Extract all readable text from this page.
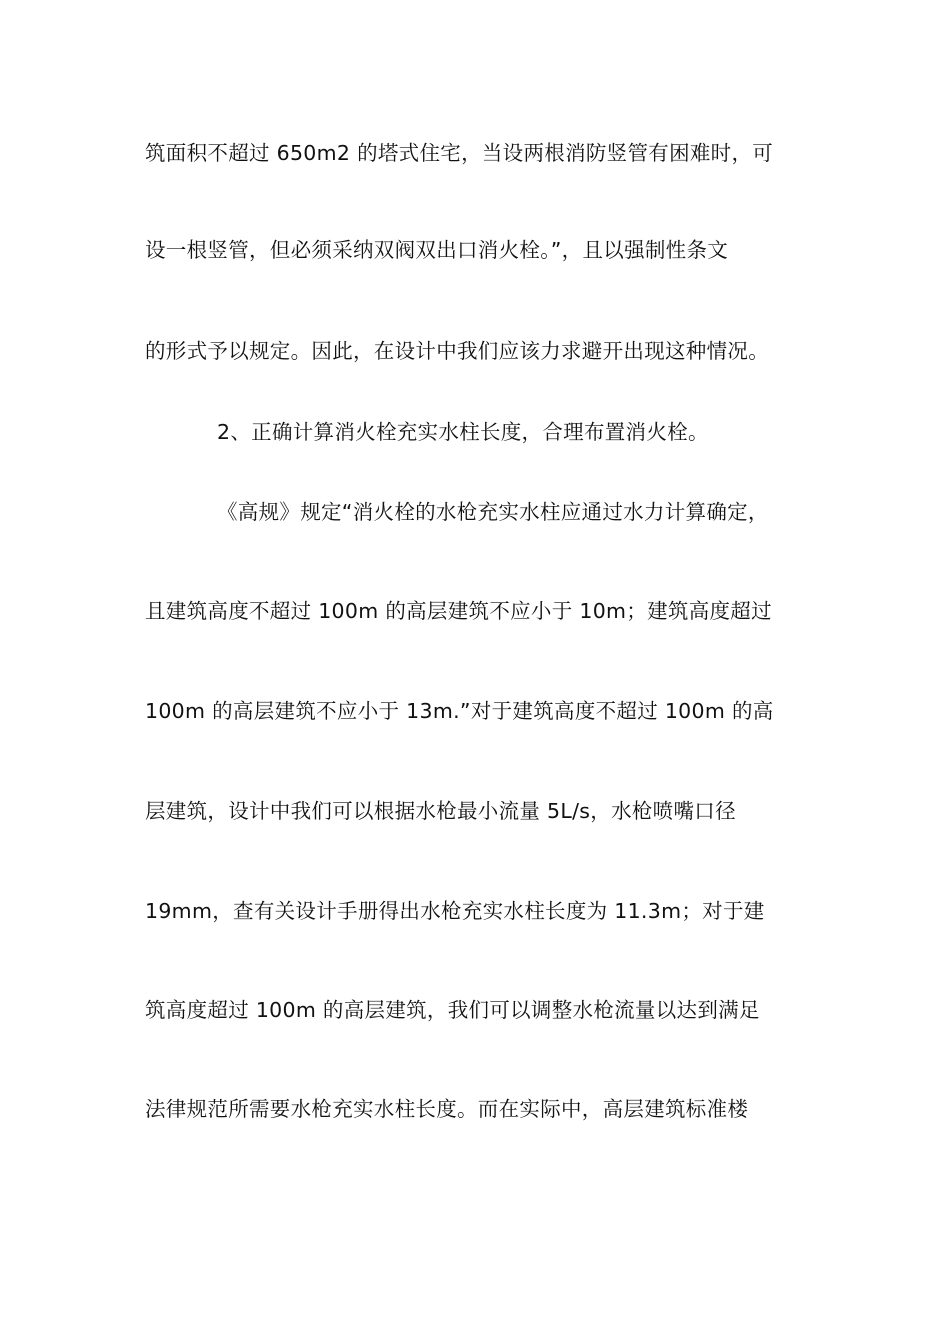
筑面积不超过 650m2 的塔式住宅，当设两根消防竖管有困难时，可
设一根竖管，但必须采纳双阀双出口消火栓。”，且以强制性条文
的形式予以规定。因此，在设计中我们应该力求避开出现这种情况。
2、正确计算消火栓充实水柱长度，合理布置消火栓。
《高规》规定“消火栓的水枪充实水柱应通过水力计算确定，
且建筑高度不超过 100m 的高层建筑不应小于 10m；建筑高度超过
100m 的高层建筑不应小于 13m.”对于建筑高度不超过 100m 的高
层建筑，设计中我们可以根据水枪最小流量 5L/s，水枪喷嘴口径
19mm，查有关设计手册得出水枪充实水柱长度为 11.3m；对于建
筑高度超过 100m 的高层建筑，我们可以调整水枪流量以达到满足
法律规范所需要水枪充实水柱长度。而在实际中，高层建筑标准楼
